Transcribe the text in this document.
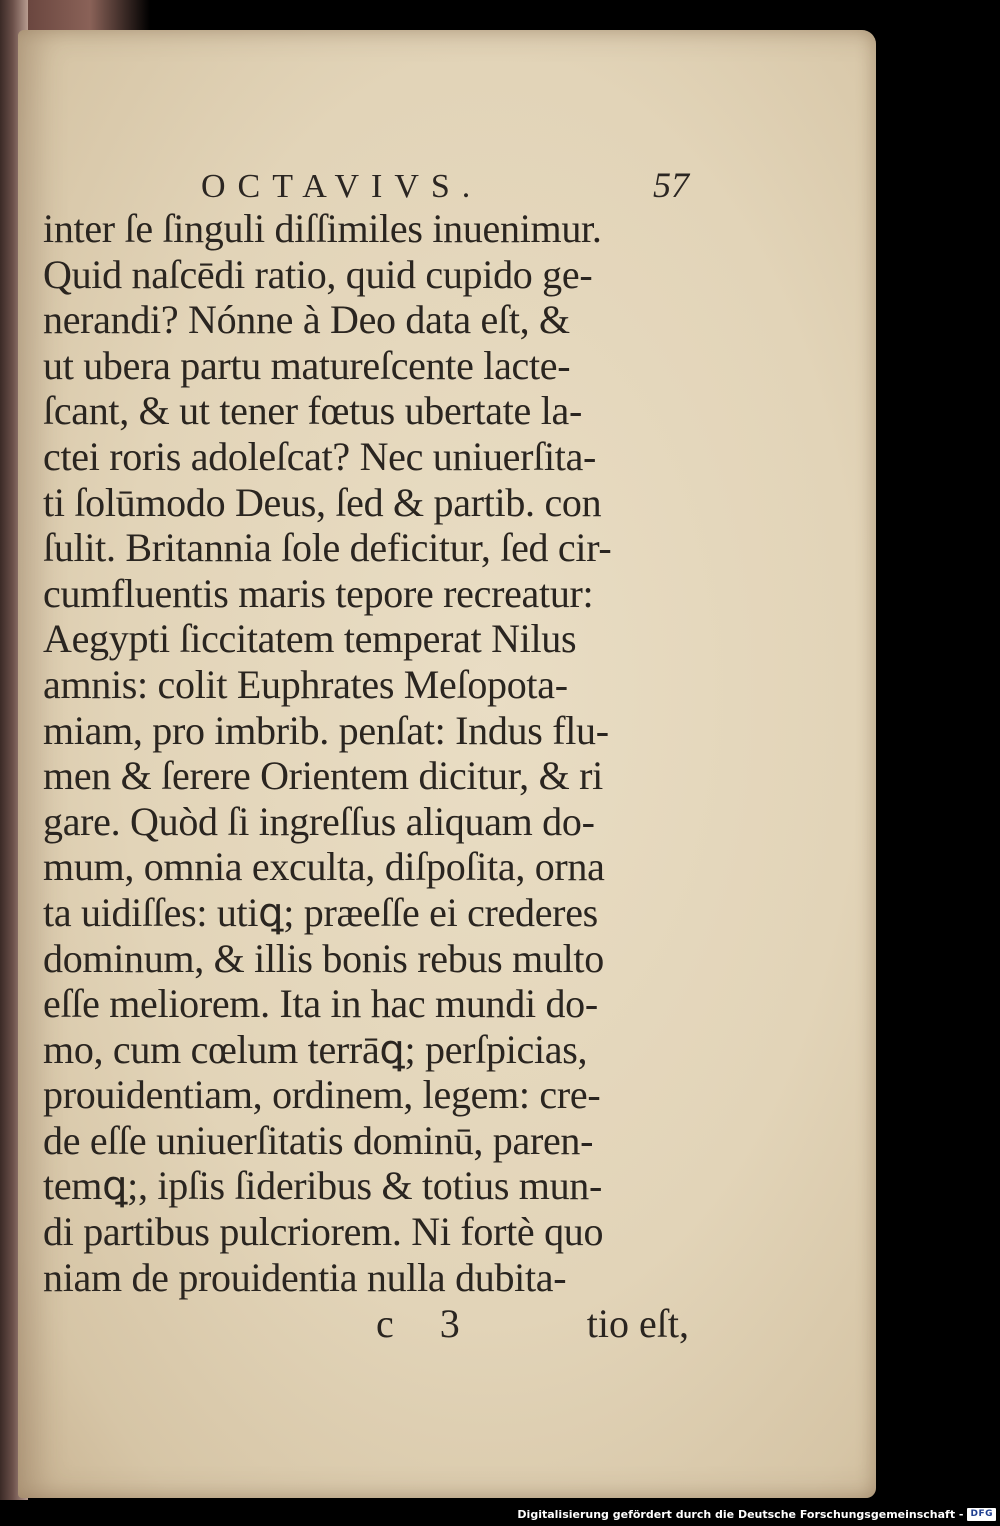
OCTAVIVS.	57
inter ſe ſinguli diſſimiles inuenimur.
Quid naſcēdi ratio, quid cupido ge-
nerandi? Nónne à Deo data eſt, &
ut ubera partu matureſcente lacte-
ſcant, & ut tener fœtus ubertate la-
ctei roris adoleſcat? Nec uniuerſita-
ti ſolūmodo Deus, ſed & partib. con
ſulit. Britannia ſole deficitur, ſed cir-
cumfluentis maris tepore recreatur:
Aegypti ſiccitatem temperat Nilus
amnis: colit Euphrates Meſopota-
miam, pro imbrib. penſat: Indus flu-
men & ſerere Orientem dicitur, & ri
gare. Quòd ſi ingreſſus aliquam do-
mum, omnia exculta, diſpoſita, orna
ta uidiſſes: utiꝗ; præeſſe ei crederes
dominum, & illis bonis rebus multo
eſſe meliorem. Ita in hac mundi do-
mo, cum cœlum terrāꝗ; perſpicias,
prouidentiam, ordinem, legem: cre-
de eſſe uniuerſitatis dominū, paren-
temꝗ;, ipſis ſideribus & totius mun-
di partibus pulcriorem. Ni fortè quo
niam de prouidentia nulla dubita-
c 3	tio eſt,
Digitalisierung gefördert durch die Deutsche Forschungsgemeinschaft - DFG
